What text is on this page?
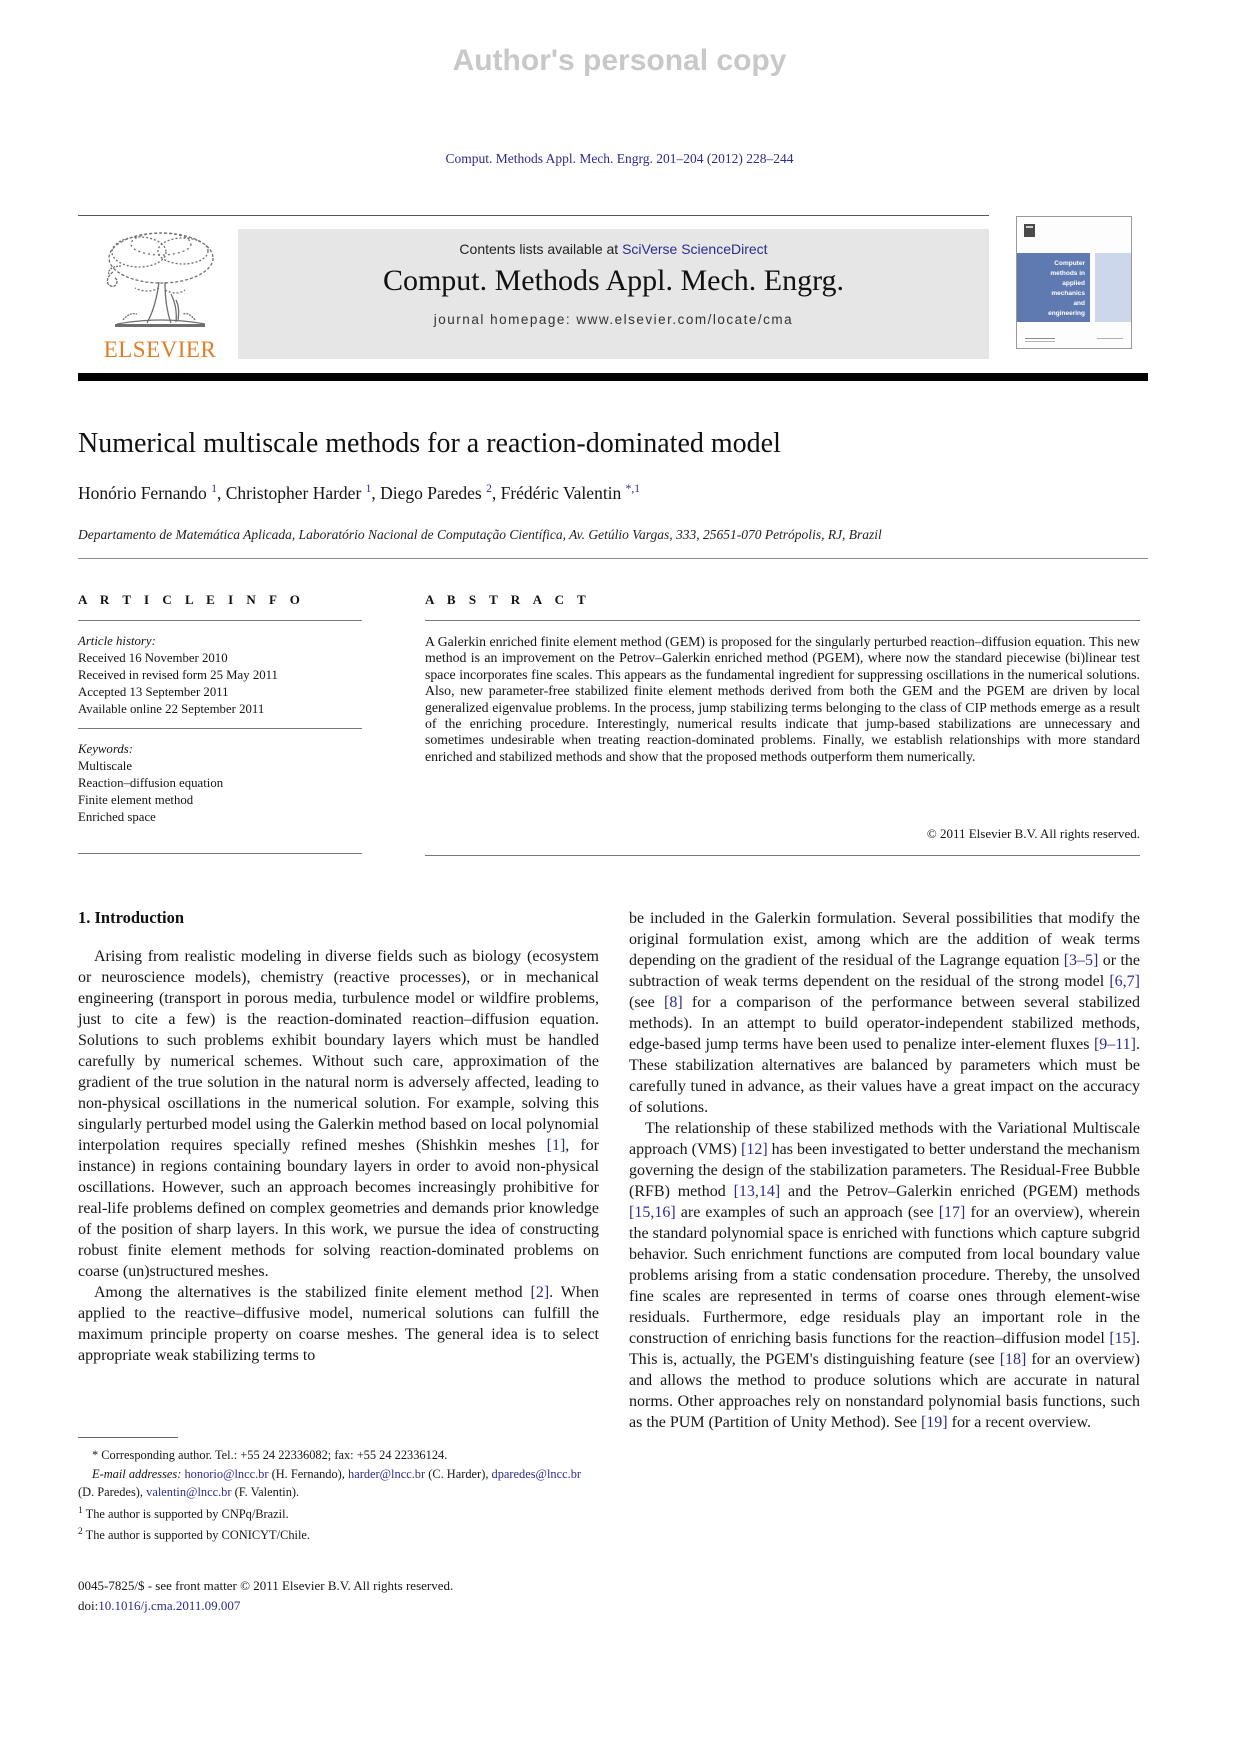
Author's personal copy
Comput. Methods Appl. Mech. Engrg. 201–204 (2012) 228–244
ELSEVIER
Contents lists available at SciVerse ScienceDirect
Comput. Methods Appl. Mech. Engrg.
journal homepage: www.elsevier.com/locate/cma
Computer
methods in
applied
mechanics
and
engineering
Numerical multiscale methods for a reaction-dominated model
Honório Fernando $^1$, Christopher Harder $^1$, Diego Paredes $^2$, Frédéric Valentin $^{*,1}$
Departamento de Matemática Aplicada, Laboratório Nacional de Computação Científica, Av. Getúlio Vargas, 333, 25651-070 Petrópolis, RJ, Brazil
A R T I C L E I N F O
Article history:
Received 16 November 2010
Received in revised form 25 May 2011
Accepted 13 September 2011
Available online 22 September 2011
Keywords:
Multiscale
Reaction–diffusion equation
Finite element method
Enriched space
A B S T R A C T
A Galerkin enriched finite element method (GEM) is proposed for the singularly perturbed reaction–diffusion equation. This new method is an improvement on the Petrov–Galerkin enriched method (PGEM), where now the standard piecewise (bi)linear test space incorporates fine scales. This appears as the fundamental ingredient for suppressing oscillations in the numerical solutions. Also, new parameter-free stabilized finite element methods derived from both the GEM and the PGEM are driven by local generalized eigenvalue problems. In the process, jump stabilizing terms belonging to the class of CIP methods emerge as a result of the enriching procedure. Interestingly, numerical results indicate that jump-based stabilizations are unnecessary and sometimes undesirable when treating reaction-dominated problems. Finally, we establish relationships with more standard enriched and stabilized methods and show that the proposed methods outperform them numerically.
© 2011 Elsevier B.V. All rights reserved.
1. Introduction

Arising from realistic modeling in diverse fields such as biology (ecosystem or neuroscience models), chemistry (reactive processes), or in mechanical engineering (transport in porous media, turbulence model or wildfire problems, just to cite a few) is the reaction-dominated reaction–diffusion equation. Solutions to such problems exhibit boundary layers which must be handled carefully by numerical schemes. Without such care, approximation of the gradient of the true solution in the natural norm is adversely affected, leading to non-physical oscillations in the numerical solution. For example, solving this singularly perturbed model using the Galerkin method based on local polynomial interpolation requires specially refined meshes (Shishkin meshes [1], for instance) in regions containing boundary layers in order to avoid non-physical oscillations. However, such an approach becomes increasingly prohibitive for real-life problems defined on complex geometries and demands prior knowledge of the position of sharp layers. In this work, we pursue the idea of constructing robust finite element methods for solving reaction-dominated problems on coarse (un)structured meshes.

Among the alternatives is the stabilized finite element method [2]. When applied to the reactive–diffusive model, numerical solutions can fulfill the maximum principle property on coarse meshes. The general idea is to select appropriate weak stabilizing terms to

be included in the Galerkin formulation. Several possibilities that modify the original formulation exist, among which are the addition of weak terms depending on the gradient of the residual of the Lagrange equation [3–5] or the subtraction of weak terms dependent on the residual of the strong model [6,7] (see [8] for a comparison of the performance between several stabilized methods). In an attempt to build operator-independent stabilized methods, edge-based jump terms have been used to penalize inter-element fluxes [9–11]. These stabilization alternatives are balanced by parameters which must be carefully tuned in advance, as their values have a great impact on the accuracy of solutions.

The relationship of these stabilized methods with the Variational Multiscale approach (VMS) [12] has been investigated to better understand the mechanism governing the design of the stabilization parameters. The Residual-Free Bubble (RFB) method [13,14] and the Petrov–Galerkin enriched (PGEM) methods [15,16] are examples of such an approach (see [17] for an overview), wherein the standard polynomial space is enriched with functions which capture subgrid behavior. Such enrichment functions are computed from local boundary value problems arising from a static condensation procedure. Thereby, the unsolved fine scales are represented in terms of coarse ones through element-wise residuals. Furthermore, edge residuals play an important role in the construction of enriching basis functions for the reaction–diffusion model [15]. This is, actually, the PGEM's distinguishing feature (see [18] for an overview) and allows the method to produce solutions which are accurate in natural norms. Other approaches rely on nonstandard polynomial basis functions, such as the PUM (Partition of Unity Method). See [19] for a recent overview.

* Corresponding author. Tel.: +55 24 22336082; fax: +55 24 22336124.
E-mail addresses: honorio@lncc.br (H. Fernando), harder@lncc.br (C. Harder), dparedes@lncc.br (D. Paredes), valentin@lncc.br (F. Valentin).
$^1$ The author is supported by CNPq/Brazil.
$^2$ The author is supported by CONICYT/Chile.
0045-7825/$ - see front matter © 2011 Elsevier B.V. All rights reserved.
doi:10.1016/j.cma.2011.09.007
